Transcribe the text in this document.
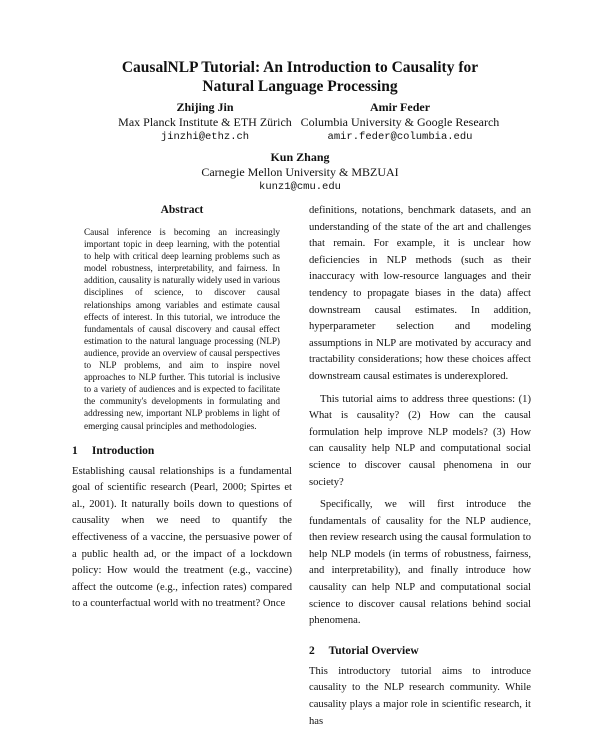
CausalNLP Tutorial: An Introduction to Causality for
Natural Language Processing
Zhijing Jin
Max Planck Institute & ETH Zürich
jinzhi@ethz.ch
Amir Feder
Columbia University & Google Research
amir.feder@columbia.edu
Kun Zhang
Carnegie Mellon University & MBZUAI
kunz1@cmu.edu
Abstract

Causal inference is becoming an increasingly important topic in deep learning, with the potential to help with critical deep learning problems such as model robustness, interpretability, and fairness. In addition, causality is naturally widely used in various disciplines of science, to discover causal relationships among variables and estimate causal effects of interest. In this tutorial, we introduce the fundamentals of causal discovery and causal effect estimation to the natural language processing (NLP) audience, provide an overview of causal perspectives to NLP problems, and aim to inspire novel approaches to NLP further. This tutorial is inclusive to a variety of audiences and is expected to facilitate the community's developments in formulating and addressing new, important NLP problems in light of emerging causal principles and methodologies.

1 Introduction

Establishing causal relationships is a fundamental goal of scientific research (Pearl, 2000; Spirtes et al., 2001). It naturally boils down to questions of causality when we need to quantify the effectiveness of a vaccine, the persuasive power of a public health ad, or the impact of a lockdown policy: How would the treatment (e.g., vaccine) affect the outcome (e.g., infection rates) compared to a counterfactual world with no treatment? Once

definitions, notations, benchmark datasets, and an understanding of the state of the art and challenges that remain. For example, it is unclear how deficiencies in NLP methods (such as their inaccuracy with low-resource languages and their tendency to propagate biases in the data) affect downstream causal estimates. In addition, hyperparameter selection and modeling assumptions in NLP are motivated by accuracy and tractability considerations; how these choices affect downstream causal estimates is underexplored.

This tutorial aims to address three questions: (1) What is causality? (2) How can the causal formulation help improve NLP models? (3) How can causality help NLP and computational social science to discover causal phenomena in our society?

Specifically, we will first introduce the fundamentals of causality for the NLP audience, then review research using the causal formulation to help NLP models (in terms of robustness, fairness, and interpretability), and finally introduce how causality can help NLP and computational social science to discover causal relations behind social phenomena.

2 Tutorial Overview

This introductory tutorial aims to introduce causality to the NLP research community. While causality plays a major role in scientific research, it has
